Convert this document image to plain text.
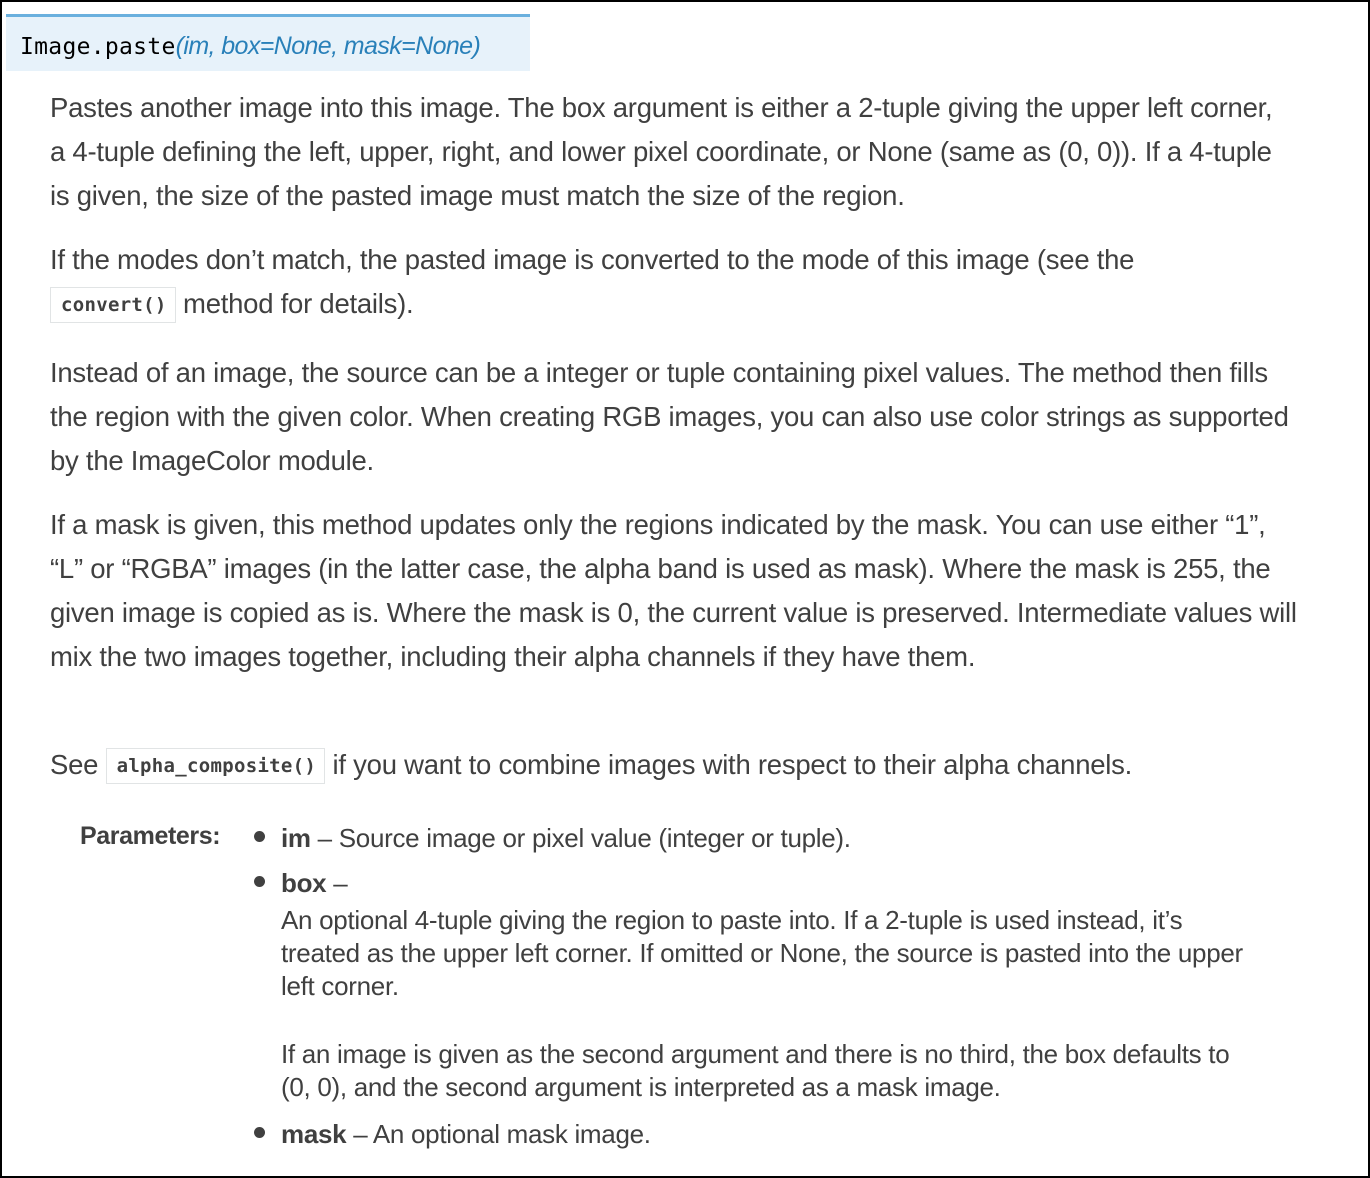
Image.paste(im, box=None, mask=None)

Pastes another image into this image. The box argument is either a 2-tuple giving the upper left corner, a 4-tuple defining the left, upper, right, and lower pixel coordinate, or None (same as (0, 0)). If a 4-tuple is given, the size of the pasted image must match the size of the region.

If the modes don’t match, the pasted image is converted to the mode of this image (see the
convert() method for details).

Instead of an image, the source can be a integer or tuple containing pixel values. The method then fills the region with the given color. When creating RGB images, you can also use color strings as supported by the ImageColor module.

If a mask is given, this method updates only the regions indicated by the mask. You can use either “1”, “L” or “RGBA” images (in the latter case, the alpha band is used as mask). Where the mask is 255, the given image is copied as is. Where the mask is 0, the current value is preserved. Intermediate values will mix the two images together, including their alpha channels if they have them.

See alpha_composite() if you want to combine images with respect to their alpha channels.

Parameters: im – Source image or pixel value (integer or tuple).
box –
An optional 4-tuple giving the region to paste into. If a 2-tuple is used instead, it’s treated as the upper left corner. If omitted or None, the source is pasted into the upper left corner.
If an image is given as the second argument and there is no third, the box defaults to (0, 0), and the second argument is interpreted as a mask image.
mask – An optional mask image.
